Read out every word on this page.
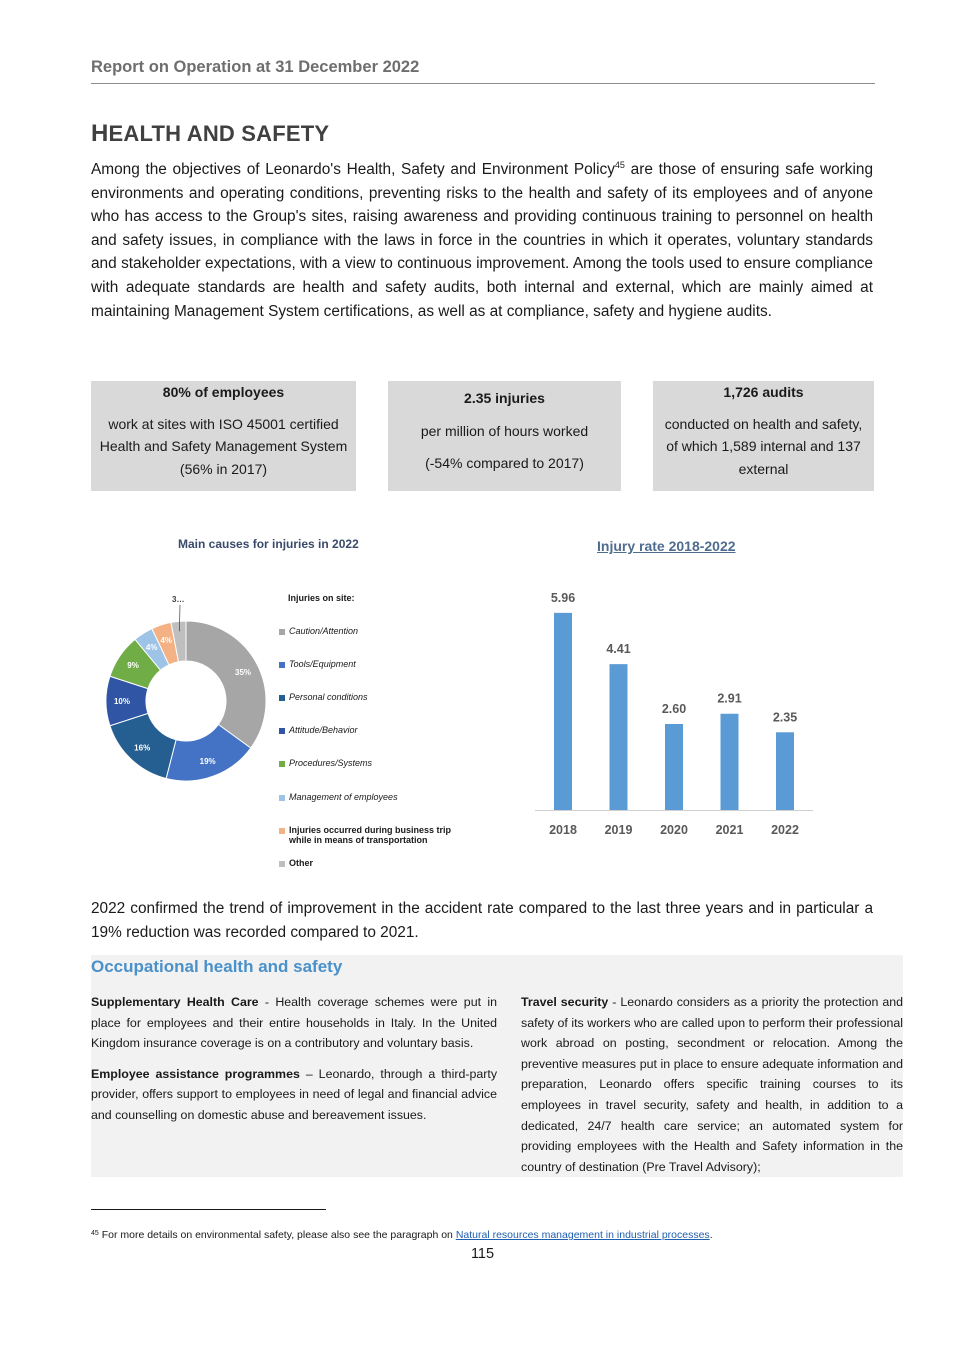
Report on Operation at 31 December 2022
HEALTH AND SAFETY

Among the objectives of Leonardo's Health, Safety and Environment Policy$^{45}$ are those of ensuring safe working environments and operating conditions, preventing risks to the health and safety of its employees and of anyone who has access to the Group's sites, raising awareness and providing continuous training to personnel on health and safety issues, in compliance with the laws in force in the countries in which it operates, voluntary standards and stakeholder expectations, with a view to continuous improvement. Among the tools used to ensure compliance with adequate standards are health and safety audits, both internal and external, which are mainly aimed at maintaining Management System certifications, as well as at compliance, safety and hygiene audits.

80% of employees
work at sites with ISO 45001 certified Health and Safety Management System (56% in 2017)
2.35 injuries
per million of hours worked
(-54% compared to 2017)
1,726 audits
conducted on health and safety, of which 1,589 internal and 137 external
Main causes for injuries in 2022
35%
19%
16%
10%
9%
4%
4%
3…	Injuries on site:
Caution/Attention
Tools/Equipment
Personal conditions
Attitude/Behavior
Procedures/Systems
Management of employees
Injuries occurred during business trip while in means of transportation
Other
Injury rate 2018-2022
5.96
2018
4.41
2019
2.60
2020
2.91
2021
2.35
2022

2022 confirmed the trend of improvement in the accident rate compared to the last three years and in particular a 19% reduction was recorded compared to 2021.

Occupational health and safety

Supplementary Health Care - Health coverage schemes were put in place for employees and their entire households in Italy. In the United Kingdom insurance coverage is on a contributory and voluntary basis.

Employee assistance programmes – Leonardo, through a third-party provider, offers support to employees in need of legal and financial advice and counselling on domestic abuse and bereavement issues.

Travel security - Leonardo considers as a priority the protection and safety of its workers who are called upon to perform their professional work abroad on posting, secondment or relocation. Among the preventive measures put in place to ensure adequate information and preparation, Leonardo offers specific training courses to its employees in travel security, safety and health, in addition to a dedicated, 24/7 health care service; an automated system for providing employees with the Health and Safety information in the country of destination (Pre Travel Advisory);

$^{45}$ For more details on environmental safety, please also see the paragraph on Natural resources management in industrial processes.
115
